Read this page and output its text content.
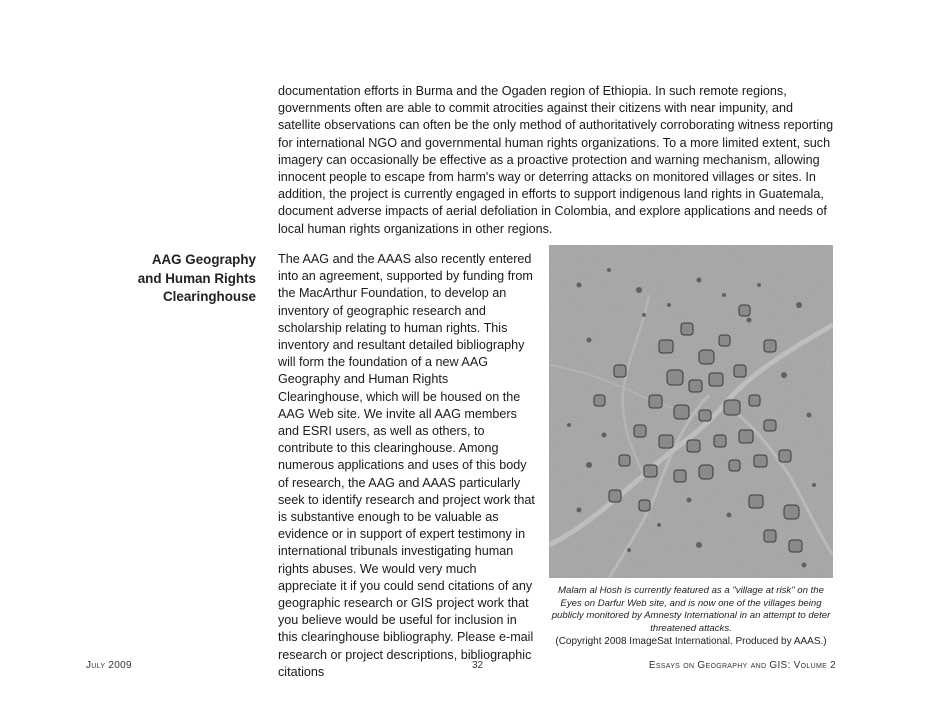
documentation efforts in Burma and the Ogaden region of Ethiopia. In such remote regions, governments often are able to commit atrocities against their citizens with near impunity, and satellite observations can often be the only method of authoritatively corroborating witness reporting for international NGO and governmental human rights organizations. To a more limited extent, such imagery can occasionally be effective as a proactive protection and warning mechanism, allowing innocent people to escape from harm's way or deterring attacks on monitored villages or sites. In addition, the project is currently engaged in efforts to support indigenous land rights in Guatemala, document adverse impacts of aerial defoliation in Colombia, and explore applications and needs of local human rights organizations in other regions.

AAG Geography
and Human Rights
Clearinghouse

The AAG and the AAAS also recently entered into an agreement, supported by funding from the MacArthur Foundation, to develop an inventory of geographic research and scholarship relating to human rights. This inventory and resultant detailed bibliography will form the foundation of a new AAG Geography and Human Rights Clearinghouse, which will be housed on the AAG Web site. We invite all AAG members and ESRI users, as well as others, to contribute to this clearinghouse. Among numerous applications and uses of this body of research, the AAG and AAAS particularly seek to identify research and project work that is substantive enough to be valuable as evidence or in support of expert testimony in international tribunals investigating human rights abuses. We would very much appreciate it if you could send citations of any geographic research or GIS project work that you believe would be useful for inclusion in this clearinghouse bibliography. Please e-mail research or project descriptions, bibliographic citations

Malam al Hosh is currently featured as a "village at risk" on the Eyes on Darfur Web site, and is now one of the villages being publicly monitored by Amnesty International in an attempt to deter threatened attacks.
(Copyright 2008 ImageSat International. Produced by AAAS.)
July 2009	32	Essays on Geography and GIS: Volume 2
